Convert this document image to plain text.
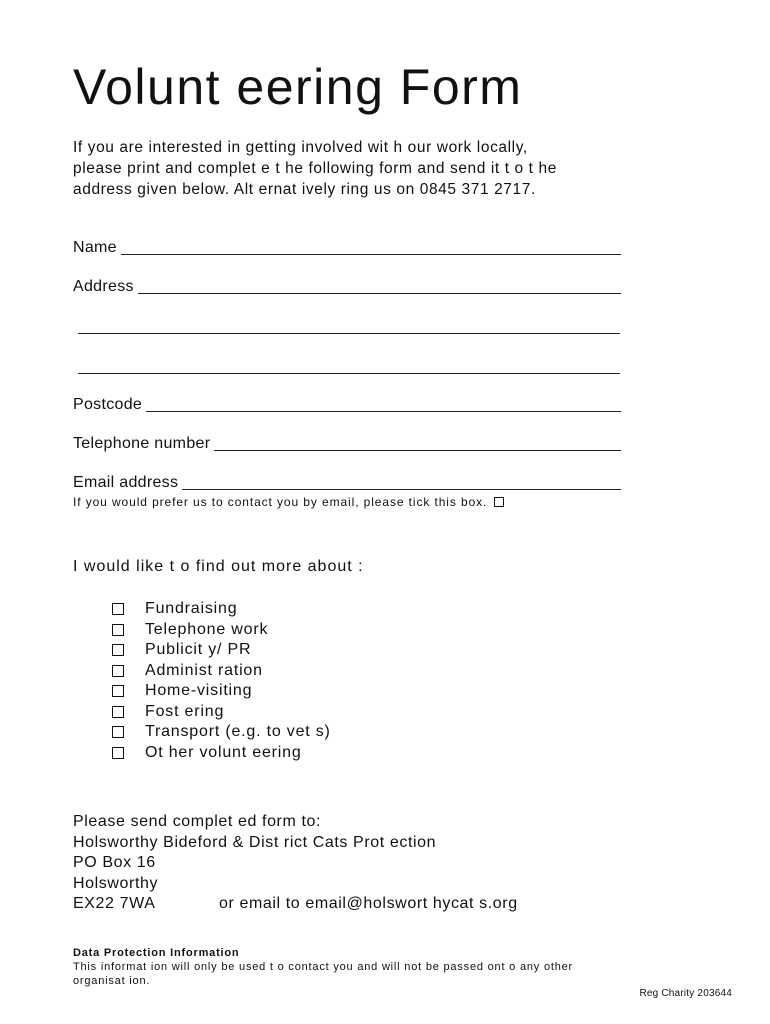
Volunt eering Form
If you are interested in getting involved wit h our work locally,
please print and complet e t he following form and send it t o t he
address given below. Alt ernat ively ring us on 0845 371 2717.
Name
Address
Postcode
Telephone number
Email address
If you would prefer us to contact you by email, please tick this box.
I would like t o find out more about :
Fundraising
Telephone work
Publicit y/ PR
Administ ration
Home-visiting
Fost ering
Transport (e.g. to vet s)
Ot her volunt eering
Please send complet ed form to:
Holsworthy Bideford & Dist rict Cats Prot ection
PO Box 16
Holsworthy
EX22 7WA	or email to email@holswort hycat s.org
Data Protection Information
This informat ion will only be used t o contact you and will not be passed ont o any other organisat ion.
Reg Charity 203644
